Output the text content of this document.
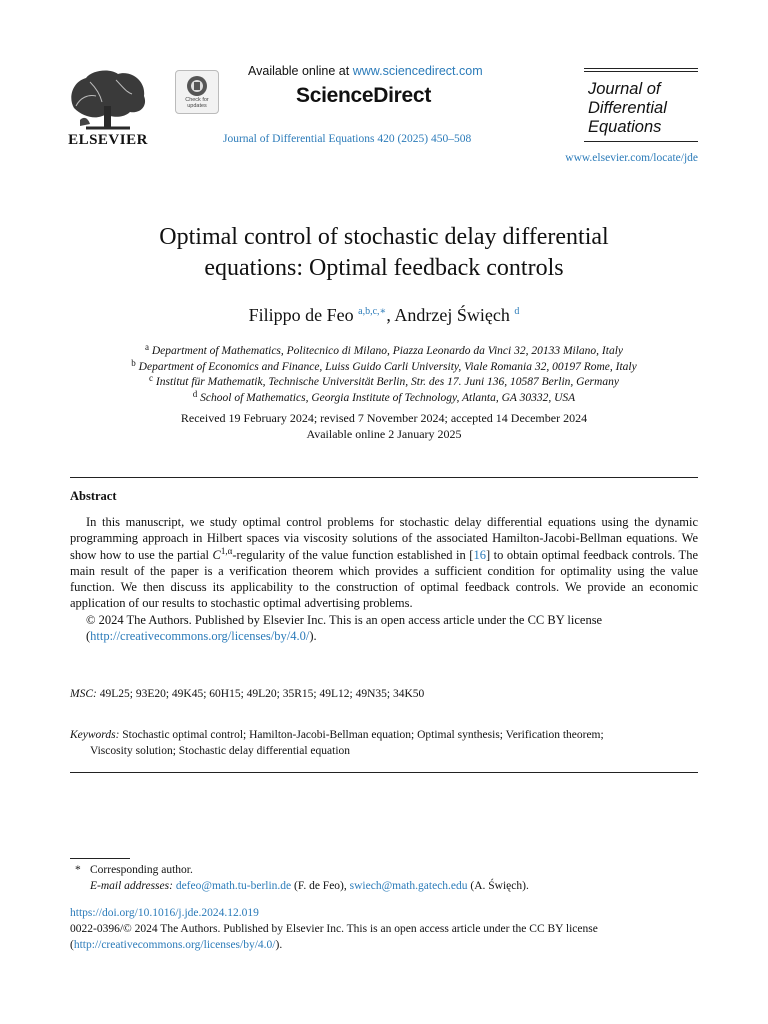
ELSEVIER
Check for
updates
Available online at www.sciencedirect.com
ScienceDirect
Journal of Differential Equations 420 (2025) 450–508
Journal of
Differential
Equations
www.elsevier.com/locate/jde
Optimal control of stochastic delay differential
equations: Optimal feedback controls
Filippo de Feo $^{a,b,c,∗}$, Andrzej Święch $^d$
$^a$ Department of Mathematics, Politecnico di Milano, Piazza Leonardo da Vinci 32, 20133 Milano, Italy
$^b$ Department of Economics and Finance, Luiss Guido Carli University, Viale Romania 32, 00197 Rome, Italy
$^c$ Institut für Mathematik, Technische Universität Berlin, Str. des 17. Juni 136, 10587 Berlin, Germany
$^d$ School of Mathematics, Georgia Institute of Technology, Atlanta, GA 30332, USA
Received 19 February 2024; revised 7 November 2024; accepted 14 December 2024
Available online 2 January 2025
Abstract

In this manuscript, we study optimal control problems for stochastic delay differential equations using the dynamic programming approach in Hilbert spaces via viscosity solutions of the associated Hamilton-Jacobi-Bellman equations. We show how to use the partial $C^{1,\alpha}$-regularity of the value function established in [16] to obtain optimal feedback controls. The main result of the paper is a verification theorem which provides a sufficient condition for optimality using the value function. We then discuss its applicability to the construction of optimal feedback controls. We provide an economic application of our results to stochastic optimal advertising problems.

© 2024 The Authors. Published by Elsevier Inc. This is an open access article under the CC BY license

(http://creativecommons.org/licenses/by/4.0/).

MSC: 49L25; 93E20; 49K45; 60H15; 49L20; 35R15; 49L12; 49N35; 34K50
Keywords: Stochastic optimal control; Hamilton-Jacobi-Bellman equation; Optimal synthesis; Verification theorem;
Viscosity solution; Stochastic delay differential equation
* Corresponding author.
E-mail addresses: defeo@math.tu-berlin.de (F. de Feo), swiech@math.gatech.edu (A. Święch).
https://doi.org/10.1016/j.jde.2024.12.019
0022-0396/© 2024 The Authors. Published by Elsevier Inc. This is an open access article under the CC BY license
(http://creativecommons.org/licenses/by/4.0/).
